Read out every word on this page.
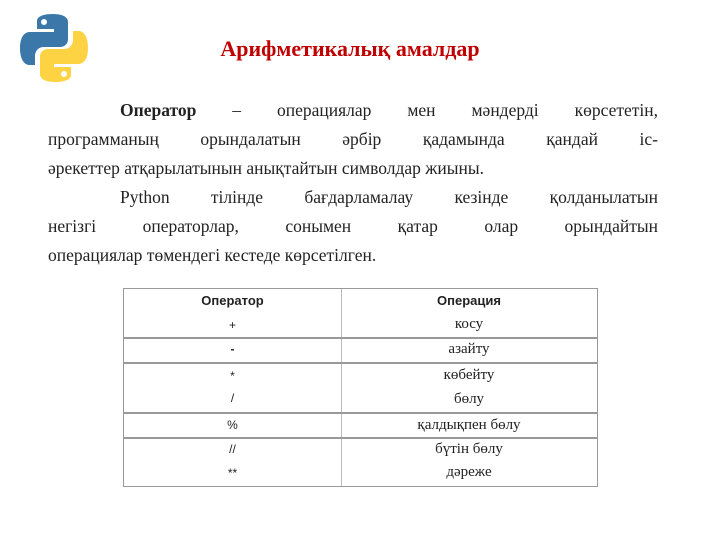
Арифметикалық амалдар
Оператор – операциялар мен мәндерді көрсететін,
программаның орындалатын әрбір қадамында қандай іс-
әрекеттер атқарылатынын анықтайтын символдар жиыны.
Python тілінде бағдарламалау кезінде қолданылатын
негізгі операторлар, сонымен қатар олар орындайтын
операциялар төмендегі кестеде көрсетілген.
Оператор	Операция
+	косу
-	азайту
*	көбейту
/	бөлу
%	қалдықпен бөлу
//	бүтін бөлу
**	дәреже
